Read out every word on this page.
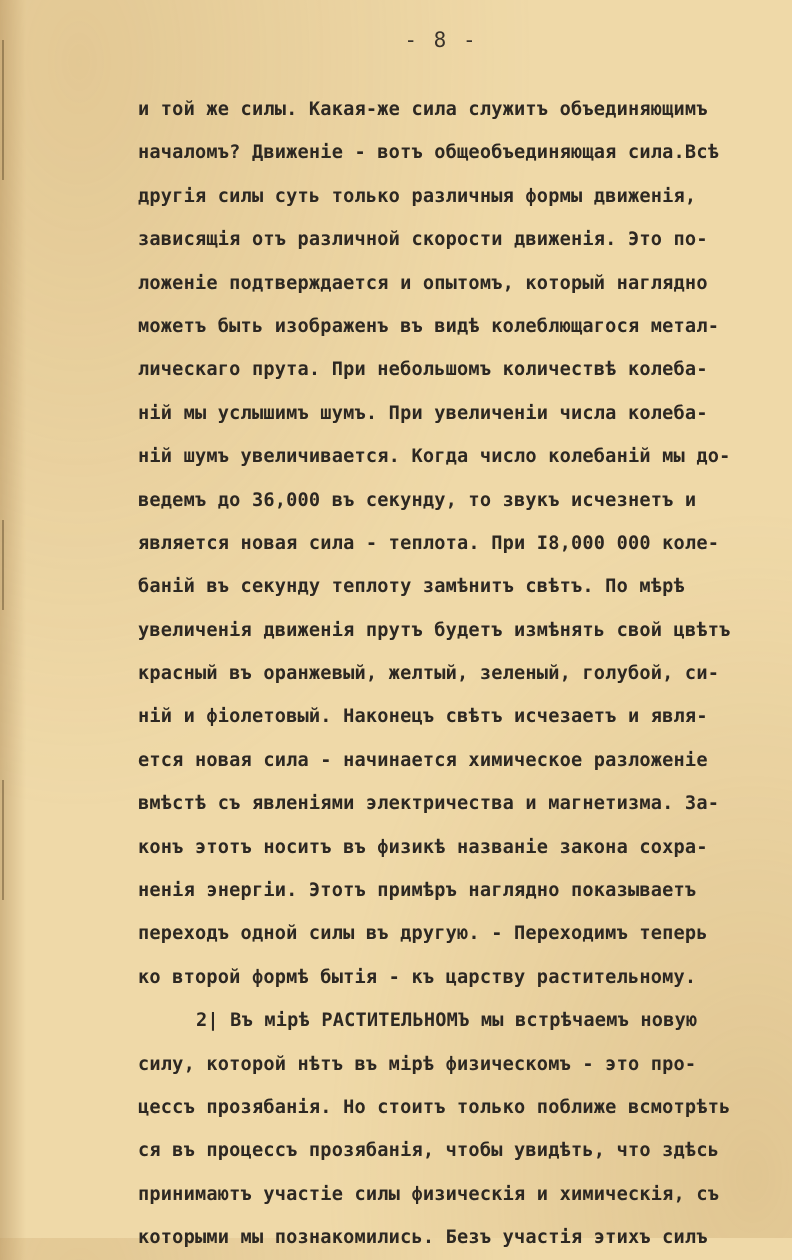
- 8 -
и той же силы. Какая-же сила служитъ объединяющимъ
началомъ? Движенiе - вотъ общеобъединяющая сила.Всѣ
другiя силы суть только различныя формы движенiя,
зависящiя отъ различной скорости движенiя. Это по-
ложенiе подтверждается и опытомъ, который наглядно
можетъ быть изображенъ въ видѣ колеблющагося метал-
лическаго прута. При небольшомъ количествѣ колеба-
нiй мы услышимъ шумъ. При увеличенiи числа колеба-
нiй шумъ увеличивается. Когда число колебанiй мы до-
ведемъ до 36,000 въ секунду, то звукъ исчезнетъ и
является новая сила - теплота. При I8,000 000 коле-
банiй въ секунду теплоту замѣнитъ свѣтъ. По мѣрѣ
увеличенiя движенiя прутъ будетъ измѣнять свой цвѣтъ
красный въ оранжевый, желтый, зеленый, голубой, си-
нiй и фiолетовый. Наконецъ свѣтъ исчезаетъ и явля-
ется новая сила - начинается химическое разложенiе
вмѣстѣ съ явленiями электричества и магнетизма. За-
конъ этотъ носитъ въ физикѣ названiе закона сохра-
ненiя энергiи. Этотъ примѣръ наглядно показываетъ
переходъ одной силы въ другую. - Переходимъ теперь
ко второй формѣ бытiя - къ царству растительному.
2| Въ мiрѣ РАСТИТЕЛЬНОМЪ мы встрѣчаемъ новую
силу, которой нѣтъ въ мiрѣ физическомъ - это про-
цессъ прозябанiя. Но стоитъ только поближе всмотрѣть
ся въ процессъ прозябанiя, чтобы увидѣть, что здѣсь
принимаютъ участiе силы физическiя и химическiя, съ
которыми мы познакомились. Безъ участiя этихъ силъ
